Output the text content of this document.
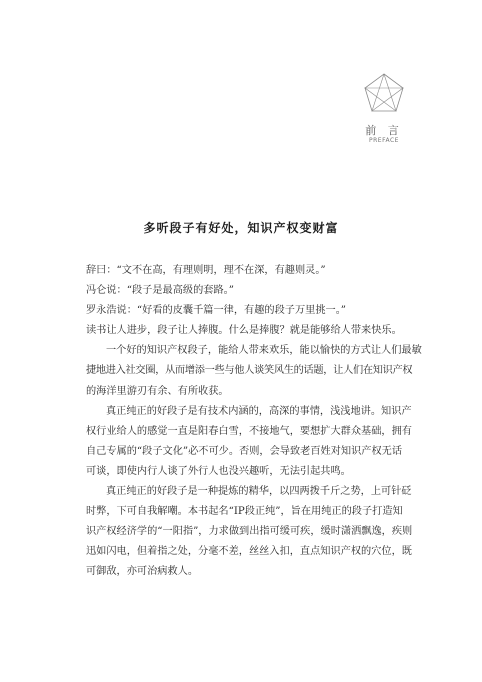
前 言
PREFACE
多听段子有好处，知识产权变财富
辞曰：“文不在高，有理则明，理不在深，有趣则灵。”
冯仑说：“段子是最高级的套路。”
罗永浩说：“好看的皮囊千篇一律，有趣的段子万里挑一。”
读书让人进步，段子让人捧腹。什么是捧腹？就是能够给人带来快乐。
一个好的知识产权段子，能给人带来欢乐，能以愉快的方式让人们最敏
捷地进入社交圈，从而增添一些与他人谈笑风生的话题，让人们在知识产权
的海洋里游刃有余、有所收获。
真正纯正的好段子是有技术内涵的，高深的事情，浅浅地讲。知识产
权行业给人的感觉一直是阳春白雪，不接地气，要想扩大群众基础，拥有
自己专属的“段子文化”必不可少。否则，会导致老百姓对知识产权无话
可谈，即使内行人谈了外行人也没兴趣听，无法引起共鸣。
真正纯正的好段子是一种提炼的精华，以四两拨千斤之势，上可针砭
时弊，下可自我解嘲。本书起名“IP段正纯”，旨在用纯正的段子打造知
识产权经济学的“一阳指”，力求做到出指可缓可疾，缓时潇洒飘逸，疾则
迅如闪电，但着指之处，分毫不差，丝丝入扣，直点知识产权的穴位，既
可御敌，亦可治病救人。
